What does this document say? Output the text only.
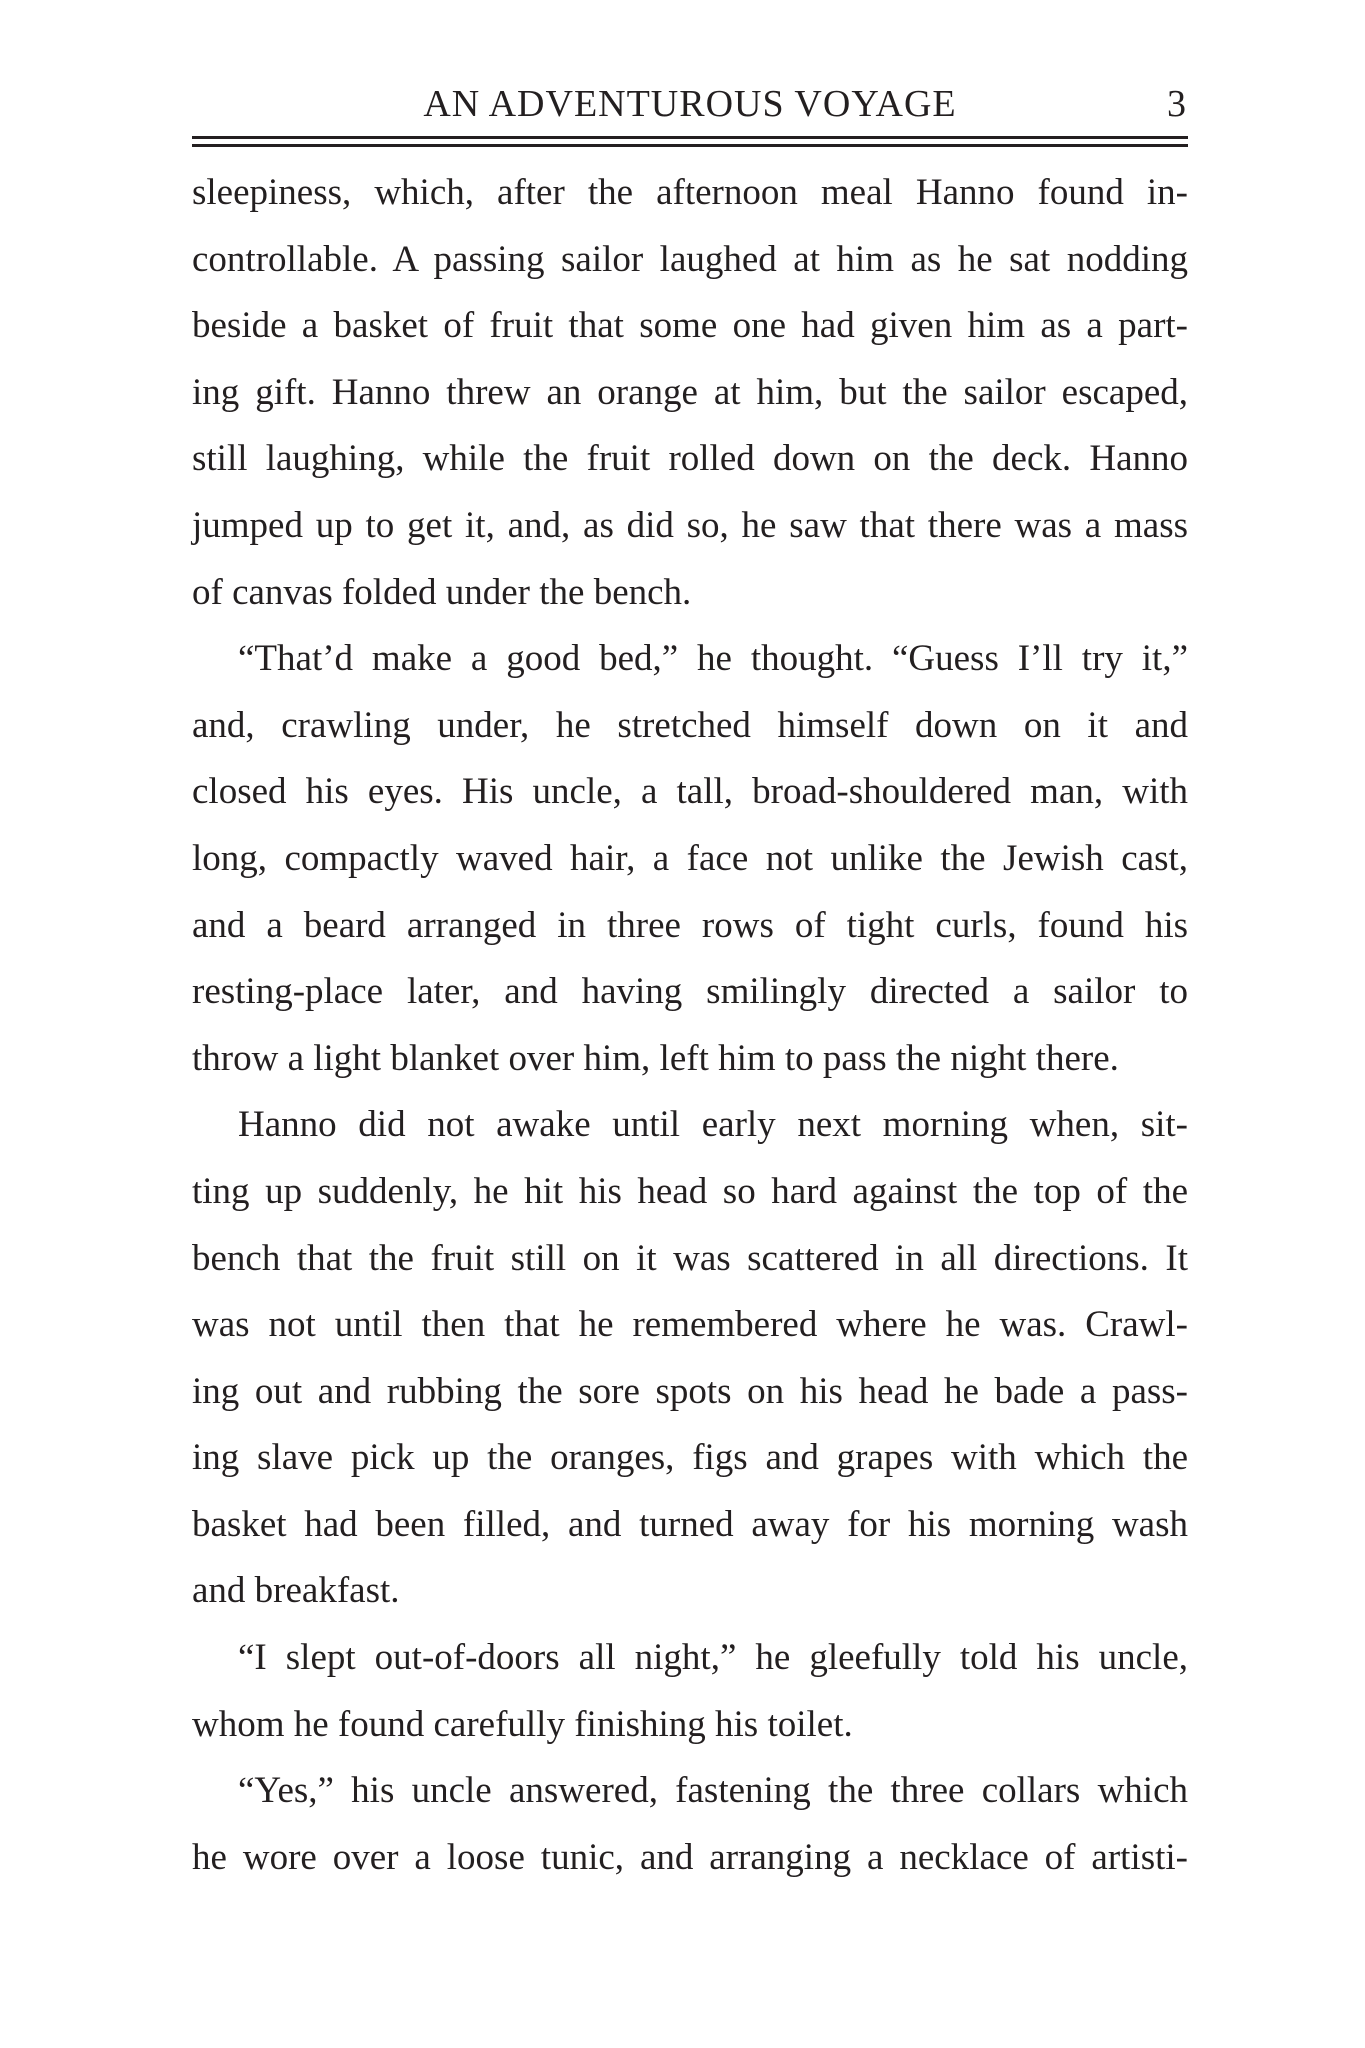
AN ADVENTUROUS VOYAGE	3
sleepiness, which, after the afternoon meal Hanno found in-
controllable. A passing sailor laughed at him as he sat nodding
beside a basket of fruit that some one had given him as a part-
ing gift. Hanno threw an orange at him, but the sailor escaped,
still laughing, while the fruit rolled down on the deck. Hanno
jumped up to get it, and, as did so, he saw that there was a mass
of canvas folded under the bench.
“That’d make a good bed,” he thought. “Guess I’ll try it,”
and, crawling under, he stretched himself down on it and
closed his eyes. His uncle, a tall, broad-shouldered man, with
long, compactly waved hair, a face not unlike the Jewish cast,
and a beard arranged in three rows of tight curls, found his
resting-place later, and having smilingly directed a sailor to
throw a light blanket over him, left him to pass the night there.
Hanno did not awake until early next morning when, sit-
ting up suddenly, he hit his head so hard against the top of the
bench that the fruit still on it was scattered in all directions. It
was not until then that he remembered where he was. Crawl-
ing out and rubbing the sore spots on his head he bade a pass-
ing slave pick up the oranges, figs and grapes with which the
basket had been filled, and turned away for his morning wash
and breakfast.
“I slept out-of-doors all night,” he gleefully told his uncle,
whom he found carefully finishing his toilet.
“Yes,” his uncle answered, fastening the three collars which
he wore over a loose tunic, and arranging a necklace of artisti-
